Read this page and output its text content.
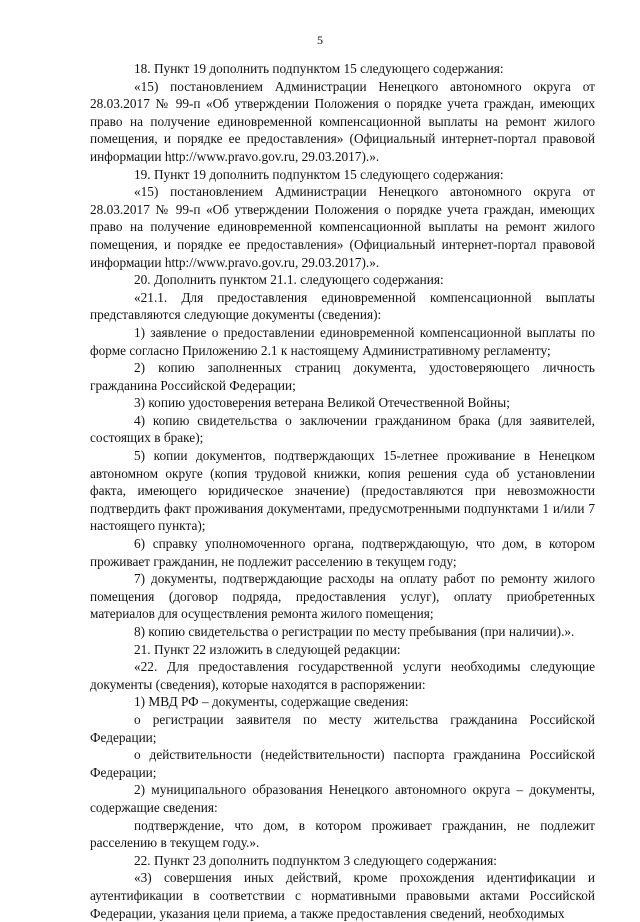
5

18. Пункт 19 дополнить подпунктом 15 следующего содержания:

«15) постановлением Администрации Ненецкого автономного округа от 28.03.2017 № 99-п «Об утверждении Положения о порядке учета граждан, имеющих право на получение единовременной компенсационной выплаты на ремонт жилого помещения, и порядке ее предоставления» (Официальный интернет-портал правовой информации http://www.pravo.gov.ru, 29.03.2017).».

19. Пункт 19 дополнить подпунктом 15 следующего содержания:

«15) постановлением Администрации Ненецкого автономного округа от 28.03.2017 № 99-п «Об утверждении Положения о порядке учета граждан, имеющих право на получение единовременной компенсационной выплаты на ремонт жилого помещения, и порядке ее предоставления» (Официальный интернет-портал правовой информации http://www.pravo.gov.ru, 29.03.2017).».

20. Дополнить пунктом 21.1. следующего содержания:

«21.1. Для предоставления единовременной компенсационной выплаты представляются следующие документы (сведения):

1) заявление о предоставлении единовременной компенсационной выплаты по форме согласно Приложению 2.1 к настоящему Административному регламенту;

2) копию заполненных страниц документа, удостоверяющего личность гражданина Российской Федерации;

3) копию удостоверения ветерана Великой Отечественной Войны;

4) копию свидетельства о заключении гражданином брака (для заявителей, состоящих в браке);

5) копии документов, подтверждающих 15-летнее проживание в Ненецком автономном округе (копия трудовой книжки, копия решения суда об установлении факта, имеющего юридическое значение) (предоставляются при невозможности подтвердить факт проживания документами, предусмотренными подпунктами 1 и/или 7 настоящего пункта);

6) справку уполномоченного органа, подтверждающую, что дом, в котором проживает гражданин, не подлежит расселению в текущем году;

7) документы, подтверждающие расходы на оплату работ по ремонту жилого помещения (договор подряда, предоставления услуг), оплату приобретенных материалов для осуществления ремонта жилого помещения;

8) копию свидетельства о регистрации по месту пребывания (при наличии).».

21. Пункт 22 изложить в следующей редакции:

«22. Для предоставления государственной услуги необходимы следующие документы (сведения), которые находятся в распоряжении:

1) МВД РФ – документы, содержащие сведения:

о регистрации заявителя по месту жительства гражданина Российской Федерации;

о действительности (недействительности) паспорта гражданина Российской Федерации;

2) муниципального образования Ненецкого автономного округа – документы, содержащие сведения:

подтверждение, что дом, в котором проживает гражданин, не подлежит расселению в текущем году.».

22. Пункт 23 дополнить подпунктом 3 следующего содержания:

«3) совершения иных действий, кроме прохождения идентификации и аутентификации в соответствии с нормативными правовыми актами Российской Федерации, указания цели приема, а также предоставления сведений, необходимых
